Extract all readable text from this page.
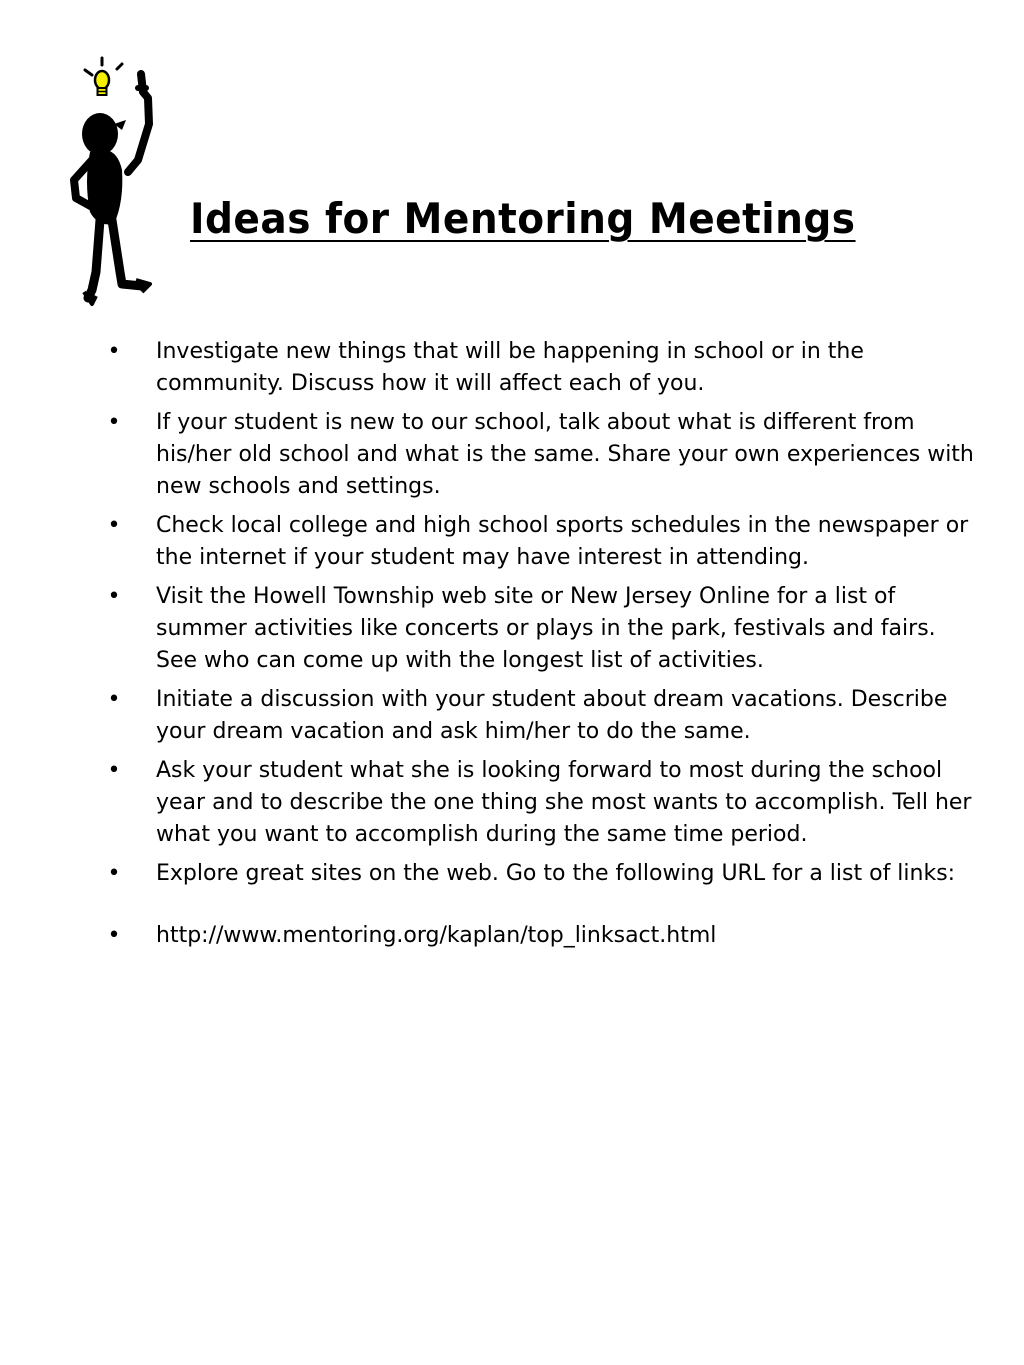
Ideas for Mentoring Meetings
• Investigate new things that will be happening in school or in the community. Discuss how it will affect each of you.
• If your student is new to our school, talk about what is different from his/her old school and what is the same. Share your own experiences with new schools and settings.
• Check local college and high school sports schedules in the newspaper or the internet if your student may have interest in attending.
• Visit the Howell Township web site or New Jersey Online for a list of summer activities like concerts or plays in the park, festivals and fairs. See who can come up with the longest list of activities.
• Initiate a discussion with your student about dream vacations. Describe your dream vacation and ask him/her to do the same.
• Ask your student what she is looking forward to most during the school year and to describe the one thing she most wants to accomplish. Tell her what you want to accomplish during the same time period.
• Explore great sites on the web. Go to the following URL for a list of links:
• http://www.mentoring.org/kaplan/top_linksact.html
